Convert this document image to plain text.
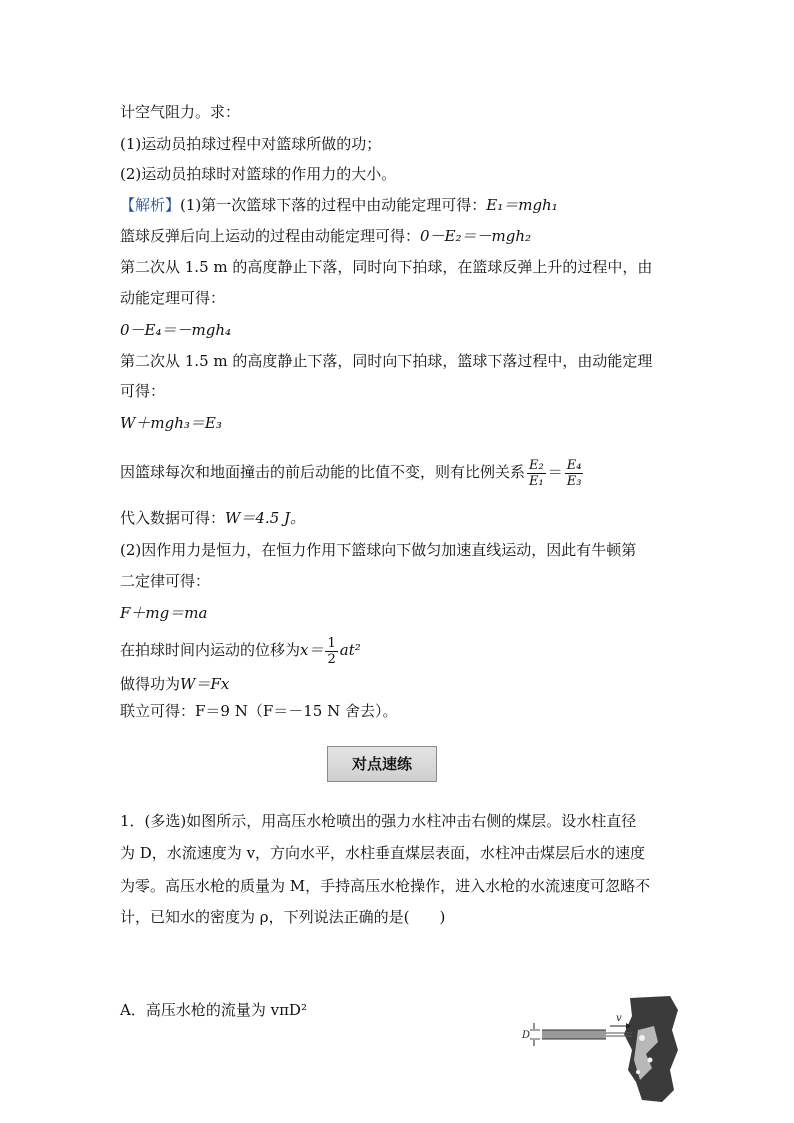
计空气阻力。求：
(1)运动员拍球过程中对篮球所做的功；
(2)运动员拍球时对篮球的作用力的大小。
【解析】(1)第一次篮球下落的过程中由动能定理可得：E₁＝mgh₁
篮球反弹后向上运动的过程由动能定理可得：0－E₂＝－mgh₂
第二次从 1.5 m 的高度静止下落，同时向下拍球，在篮球反弹上升的过程中，由
动能定理可得：
0－E₄＝－mgh₄
第二次从 1.5 m 的高度静止下落，同时向下拍球，篮球下落过程中，由动能定理
可得：
W＋mgh₃＝E₃
因篮球每次和地面撞击的前后动能的比值不变，则有比例关系 $\frac{\text{E₂}}{\text{E₁}} = \frac{\text{E₄}}{\text{E₃}}$
代入数据可得：W＝4.5 J。
(2)因作用力是恒力，在恒力作用下篮球向下做匀加速直线运动，因此有牛顿第
二定律可得：
F＋mg＝ma
在拍球时间内运动的位移为$x= \frac{1}{2} at^2$
做得功为W＝Fx
联立可得：F＝9 N（F＝－15 N 舍去）。
对点速练
1．(多选)如图所示，用高压水枪喷出的强力水柱冲击右侧的煤层。设水柱直径
为 D，水流速度为 v，方向水平，水柱垂直煤层表面，水柱冲击煤层后水的速度
为零。高压水枪的质量为 M，手持高压水枪操作，进入水枪的水流速度可忽略不
计，已知水的密度为 ρ，下列说法正确的是(　　)
A．高压水枪的流量为 vπD²
D
v
